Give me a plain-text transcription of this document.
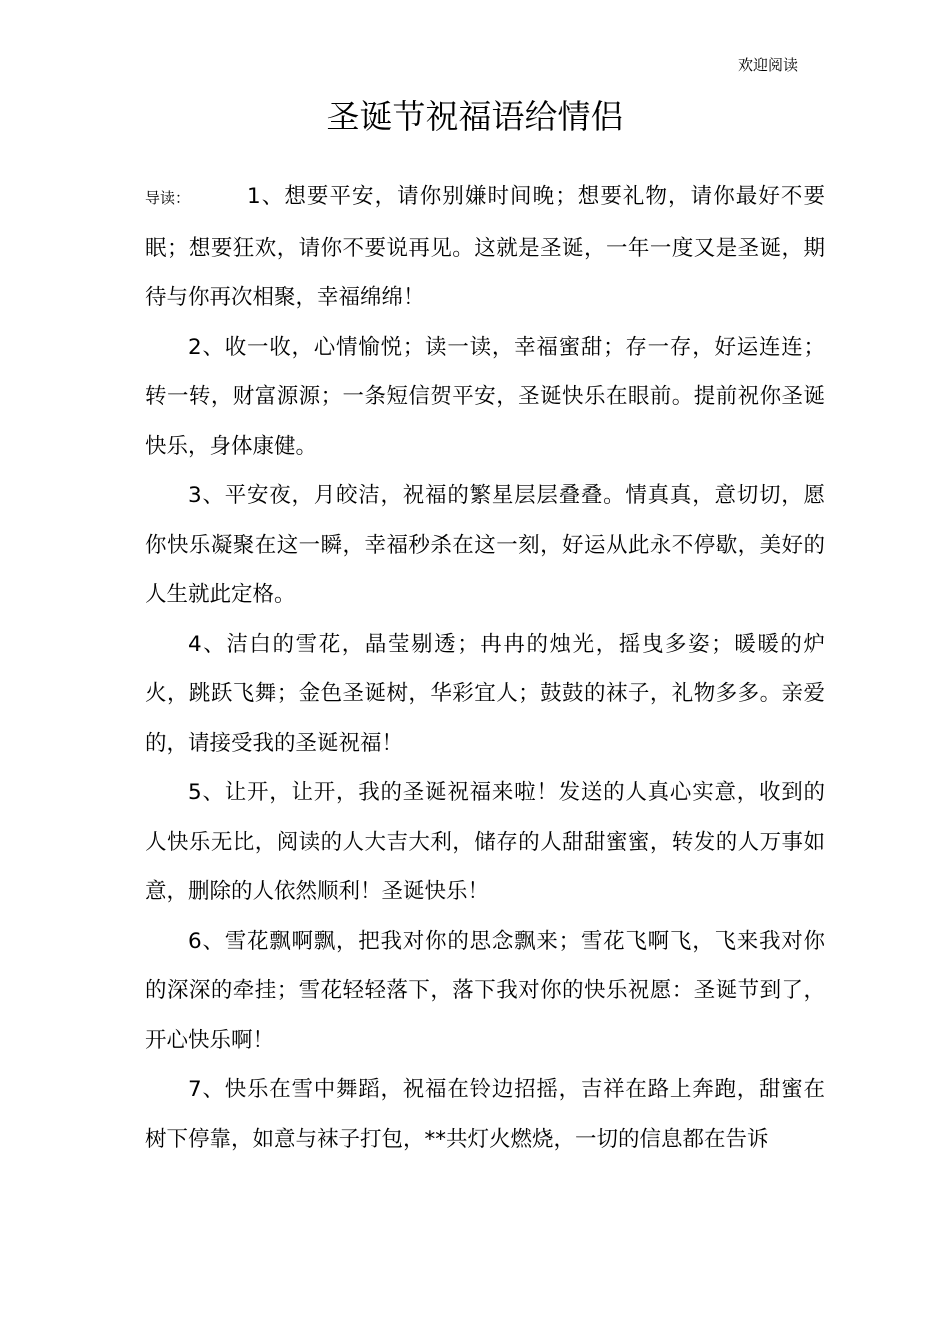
欢迎阅读
圣诞节祝福语给情侣

导读：	1、想要平安，请你别嫌时间晚；想要礼物，请你最好不要眠；想要狂欢，请你不要说再见。这就是圣诞，一年一度又是圣诞，期待与你再次相聚，幸福绵绵！

2、收一收，心情愉悦；读一读，幸福蜜甜；存一存，好运连连；转一转，财富源源；一条短信贺平安，圣诞快乐在眼前。提前祝你圣诞快乐，身体康健。

3、平安夜，月皎洁，祝福的繁星层层叠叠。情真真，意切切，愿你快乐凝聚在这一瞬，幸福秒杀在这一刻，好运从此永不停歇，美好的人生就此定格。

4、洁白的雪花，晶莹剔透；冉冉的烛光，摇曳多姿；暖暖的炉火，跳跃飞舞；金色圣诞树，华彩宜人；鼓鼓的袜子，礼物多多。亲爱的，请接受我的圣诞祝福！

5、让开，让开，我的圣诞祝福来啦！发送的人真心实意，收到的人快乐无比，阅读的人大吉大利，储存的人甜甜蜜蜜，转发的人万事如意，删除的人依然顺利！圣诞快乐！

6、雪花飘啊飘，把我对你的思念飘来；雪花飞啊飞，飞来我对你的深深的牵挂；雪花轻轻落下，落下我对你的快乐祝愿：圣诞节到了，开心快乐啊！

7、快乐在雪中舞蹈，祝福在铃边招摇，吉祥在路上奔跑，甜蜜在树下停靠，如意与袜子打包，**共灯火燃烧，一切的信息都在告诉
